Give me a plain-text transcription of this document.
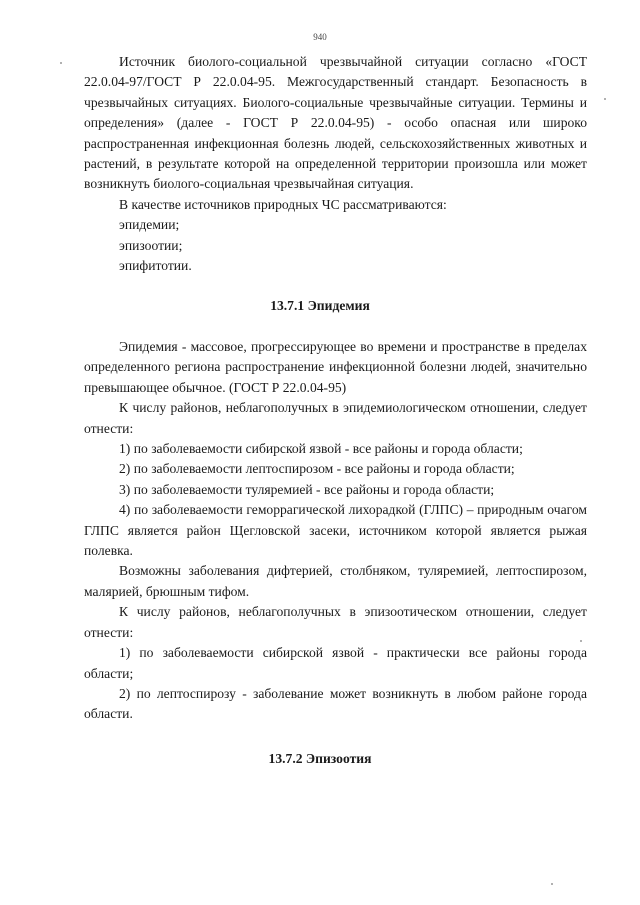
940

Источник биолого-социальной чрезвычайной ситуации согласно «ГОСТ 22.0.04-97/ГОСТ Р 22.0.04-95. Межгосударственный стандарт. Безопасность в чрезвычайных ситуациях. Биолого-социальные чрезвычайные ситуации. Термины и определения» (далее - ГОСТ Р 22.0.04-95) - особо опасная или широко распространенная инфекционная болезнь людей, сельскохозяйственных животных и растений, в результате которой на определенной территории произошла или может возникнуть биолого-социальная чрезвычайная ситуация.

В качестве источников природных ЧС рассматриваются:

эпидемии;

эпизоотии;

эпифитотии.

13.7.1 Эпидемия

Эпидемия - массовое, прогрессирующее во времени и пространстве в пределах определенного региона распространение инфекционной болезни людей, значительно превышающее обычное. (ГОСТ Р 22.0.04-95)

К числу районов, неблагополучных в эпидемиологическом отношении, следует отнести:

1) по заболеваемости сибирской язвой - все районы и города области;

2) по заболеваемости лептоспирозом - все районы и города области;

3) по заболеваемости туляремией - все районы и города области;

4) по заболеваемости геморрагической лихорадкой (ГЛПС) – природным очагом ГЛПС является район Щегловской засеки, источником которой является рыжая полевка.

Возможны заболевания дифтерией, столбняком, туляремией, лептоспирозом, малярией, брюшным тифом.

К числу районов, неблагополучных в эпизоотическом отношении, следует отнести:

1) по заболеваемости сибирской язвой - практически все районы города области;

2) по лептоспирозу - заболевание может возникнуть в любом районе города области.

13.7.2 Эпизоотия
